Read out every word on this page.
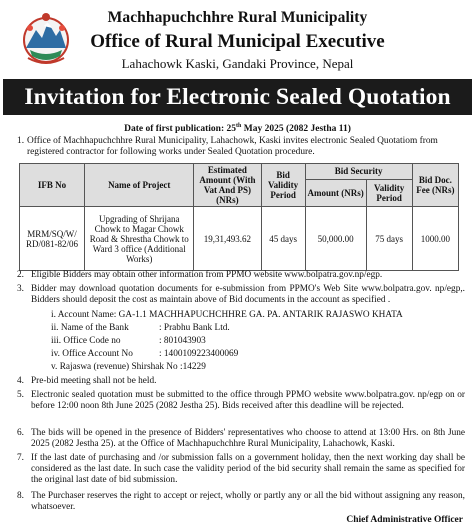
Machhapuchchhre Rural Municipality
Office of Rural Municipal Executive
Lahachowk Kaski, Gandaki Province, Nepal
Invitation for Electronic Sealed Quotation
Date of first publication: 25th May 2025 (2082 Jestha 11)
1. Office of Machhapuchchhre Rural Municipality, Lahachowk, Kaski invites electronic Sealed Quotatiom from registered contractor for following works under Sealed Quotation procedure.
IFB No	Name of Project	Estimated Amount (With Vat And PS) (NRs)	Bid Validity Period	Bid Security		Bid Doc. Fee (NRs)
				Amount (NRs)	Validity Period	
MRM/SQ/W/ RD/081-82/06	Upgrading of Shrijana Chowk to Magar Chowk Road & Shrestha Chowk to Ward 3 office (Additional Works)	19,31,493.62	45 days	50,000.00	75 days	1000.00
2. Eligible Bidders may obtain other information from PPMO website www.bolpatra.gov.np/egp.
3. Bidder may download quotation documents for e-submission from PPMO's Web Site www.bolpatra.gov. np/egp,. Bidders should deposit the cost as maintain above of Bid documents in the account as specified .
i. Account Name: GA-1.1 MACHHAPUCHCHHRE GA. PA. ANTARIK RAJASWO KHATA
ii. Name of the Bank	: Prabhu Bank Ltd.
iii. Office Code no	: 801043903
iv. Office Account No	: 1400109223400069
v. Rajaswa (revenue) Shirshak No :14229
4. Pre-bid meeting shall not be held.
5. Electronic sealed quotation must be submitted to the office through PPMO website www.bolpatra.gov. np/egp on or before 12:00 noon 8th June 2025 (2082 Jestha 25). Bids received after this deadline will be rejected.
6. The bids will be opened in the presence of Bidders' representatives who choose to attend at 13:00 Hrs. on 8th June 2025 (2082 Jestha 25). at the Office of Machhapuchchhre Rural Municipality, Lahachowk, Kaski.
7. If the last date of purchasing and /or submission falls on a government holiday, then the next working day shall be considered as the last date. In such case the validity period of the bid security shall remain the same as specified for the original last date of bid submission.
8. The Purchaser reserves the right to accept or reject, wholly or partly any or all the bid without assigning any reason, whatsoever.
Chief Administrative Officer
